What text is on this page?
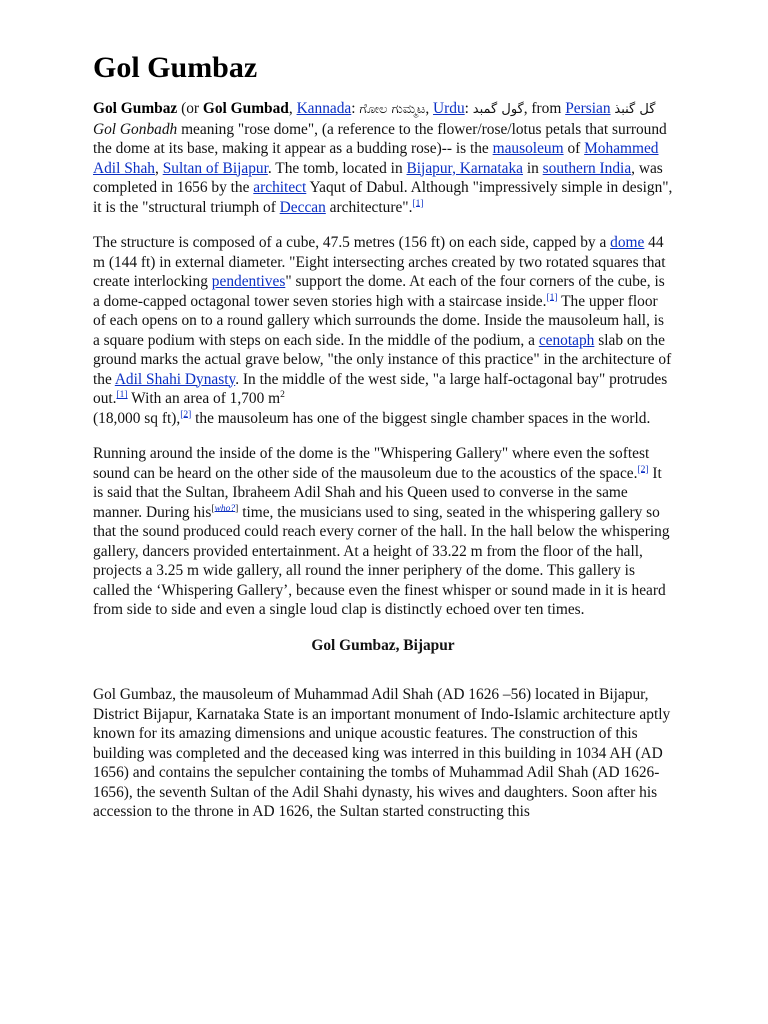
Gol Gumbaz

Gol Gumbaz (or Gol Gumbad, Kannada: ಗೋಲ ಗುಮ್ಮಟ, Urdu: گول گمبد, from Persian گل گنبذ Gol Gonbadh meaning "rose dome", (a reference to the flower/rose/lotus petals that surround the dome at its base, making it appear as a budding rose)-- is the mausoleum of Mohammed Adil Shah, Sultan of Bijapur. The tomb, located in Bijapur, Karnataka in southern India, was completed in 1656 by the architect Yaqut of Dabul. Although "impressively simple in design", it is the "structural triumph of Deccan architecture".[1]

The structure is composed of a cube, 47.5 metres (156 ft) on each side, capped by a dome 44 m (144 ft) in external diameter. "Eight intersecting arches created by two rotated squares that create interlocking pendentives" support the dome. At each of the four corners of the cube, is a dome-capped octagonal tower seven stories high with a staircase inside.[1] The upper floor of each opens on to a round gallery which surrounds the dome. Inside the mausoleum hall, is a square podium with steps on each side. In the middle of the podium, a cenotaph slab on the ground marks the actual grave below, "the only instance of this practice" in the architecture of the Adil Shahi Dynasty. In the middle of the west side, "a large half-octagonal bay" protrudes out.[1] With an area of 1,700 $m^2$
(18,000 sq ft),[2] the mausoleum has one of the biggest single chamber spaces in the world.

Running around the inside of the dome is the "Whispering Gallery" where even the softest sound can be heard on the other side of the mausoleum due to the acoustics of the space.[2] It is said that the Sultan, Ibraheem Adil Shah and his Queen used to converse in the same manner. During his[who?] time, the musicians used to sing, seated in the whispering gallery so that the sound produced could reach every corner of the hall. In the hall below the whispering gallery, dancers provided entertainment. At a height of 33.22 m from the floor of the hall, projects a 3.25 m wide gallery, all round the inner periphery of the dome. This gallery is called the ‘Whispering Gallery’, because even the finest whisper or sound made in it is heard from side to side and even a single loud clap is distinctly echoed over ten times.

Gol Gumbaz, Bijapur

Gol Gumbaz, the mausoleum of Muhammad Adil Shah (AD 1626 –56) located in Bijapur, District Bijapur, Karnataka State is an important monument of Indo-Islamic architecture aptly known for its amazing dimensions and unique acoustic features. The construction of this building was completed and the deceased king was interred in this building in 1034 AH (AD 1656) and contains the sepulcher containing the tombs of Muhammad Adil Shah (AD 1626-1656), the seventh Sultan of the Adil Shahi dynasty, his wives and daughters. Soon after his accession to the throne in AD 1626, the Sultan started constructing this
